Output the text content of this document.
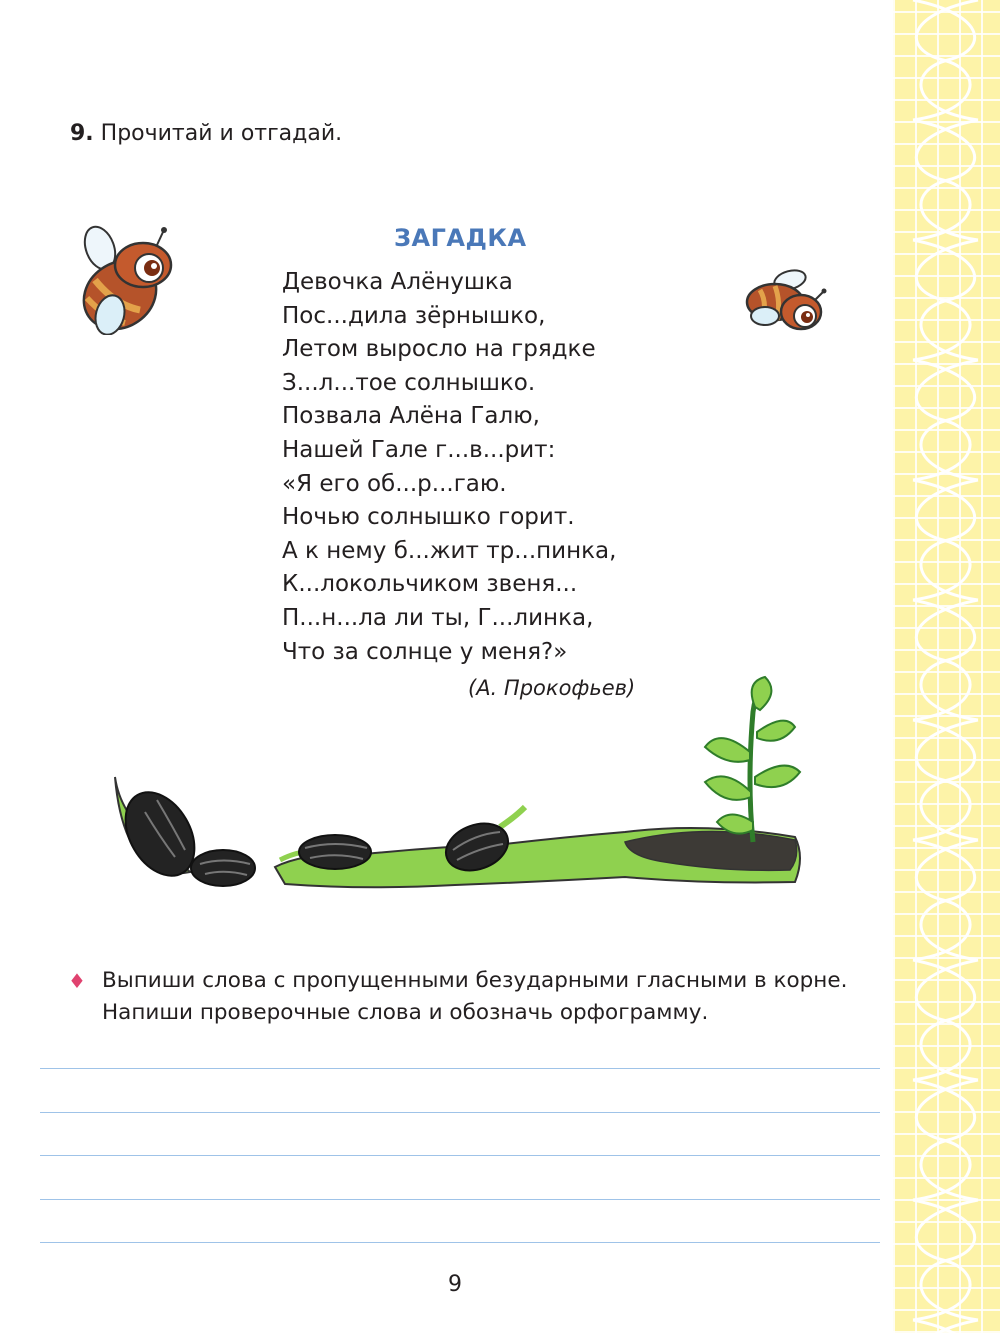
9. Прочитай и отгадай.
ЗАГАДКА
Девочка Алёнушка
Пос...дила зёрнышко,
Летом выросло на грядке
З...л...тое солнышко.
Позвала Алёна Галю,
Нашей Гале г...в...рит:
«Я его об...р...гаю.
Ночью солнышко горит.
А к нему б...жит тр...пинка,
К...локольчиком звеня...
П...н...ла ли ты, Г...линка,
Что за солнце у меня?»
(А. Прокофьев)
♦ Выпиши слова с пропущенными безударными гласными в корне.

Напиши проверочные слова и обозначь орфограмму.

9
